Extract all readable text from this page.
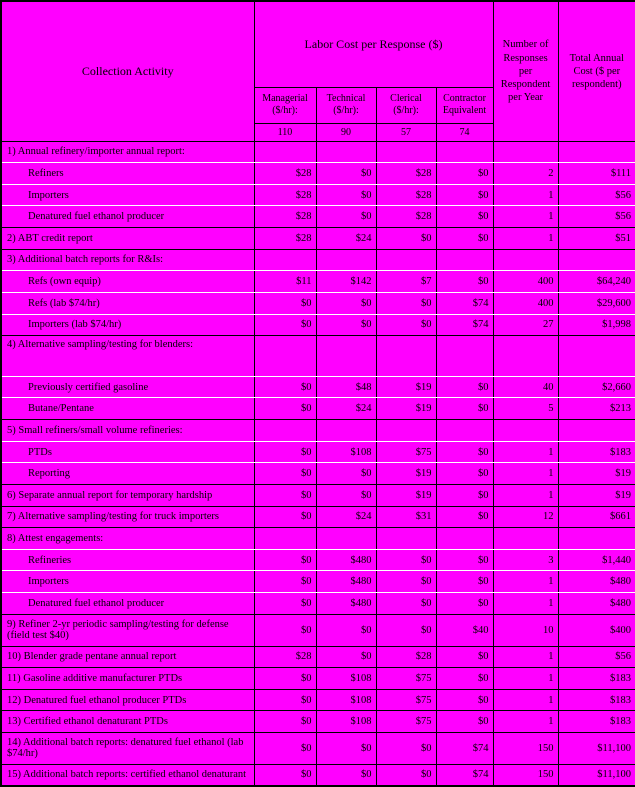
Collection Activity	Labor Cost per Response ($)				Number of Responses per Respondent per Year	Total Annual Cost ($ per respondent)
	Managerial ($/hr):	Technical ($/hr):	Clerical ($/hr):	Contractor Equivalent		
	110	90	57	74		
1) Annual refinery/importer annual report:						
Refiners	$28	$0	$28	$0	2	$111
Importers	$28	$0	$28	$0	1	$56
Denatured fuel ethanol producer	$28	$0	$28	$0	1	$56
2) ABT credit report	$28	$24	$0	$0	1	$51
3) Additional batch reports for R&Is:						
Refs (own equip)	$11	$142	$7	$0	400	$64,240
Refs (lab $74/hr)	$0	$0	$0	$74	400	$29,600
Importers (lab $74/hr)	$0	$0	$0	$74	27	$1,998
4) Alternative sampling/testing for blenders:						
Previously certified gasoline	$0	$48	$19	$0	40	$2,660
Butane/Pentane	$0	$24	$19	$0	5	$213
5) Small refiners/small volume refineries:						
PTDs	$0	$108	$75	$0	1	$183
Reporting	$0	$0	$19	$0	1	$19
6) Separate annual report for temporary hardship	$0	$0	$19	$0	1	$19
7) Alternative sampling/testing for truck importers	$0	$24	$31	$0	12	$661
8) Attest engagements:						
Refineries	$0	$480	$0	$0	3	$1,440
Importers	$0	$480	$0	$0	1	$480
Denatured fuel ethanol producer	$0	$480	$0	$0	1	$480
9) Refiner 2-yr periodic sampling/testing for defense (field test $40)	$0	$0	$0	$40	10	$400
10) Blender grade pentane annual report	$28	$0	$28	$0	1	$56
11) Gasoline additive manufacturer PTDs	$0	$108	$75	$0	1	$183
12) Denatured fuel ethanol producer PTDs	$0	$108	$75	$0	1	$183
13) Certified ethanol denaturant PTDs	$0	$108	$75	$0	1	$183
14) Additional batch reports: denatured fuel ethanol (lab $74/hr)	$0	$0	$0	$74	150	$11,100
15) Additional batch reports: certified ethanol denaturant	$0	$0	$0	$74	150	$11,100
